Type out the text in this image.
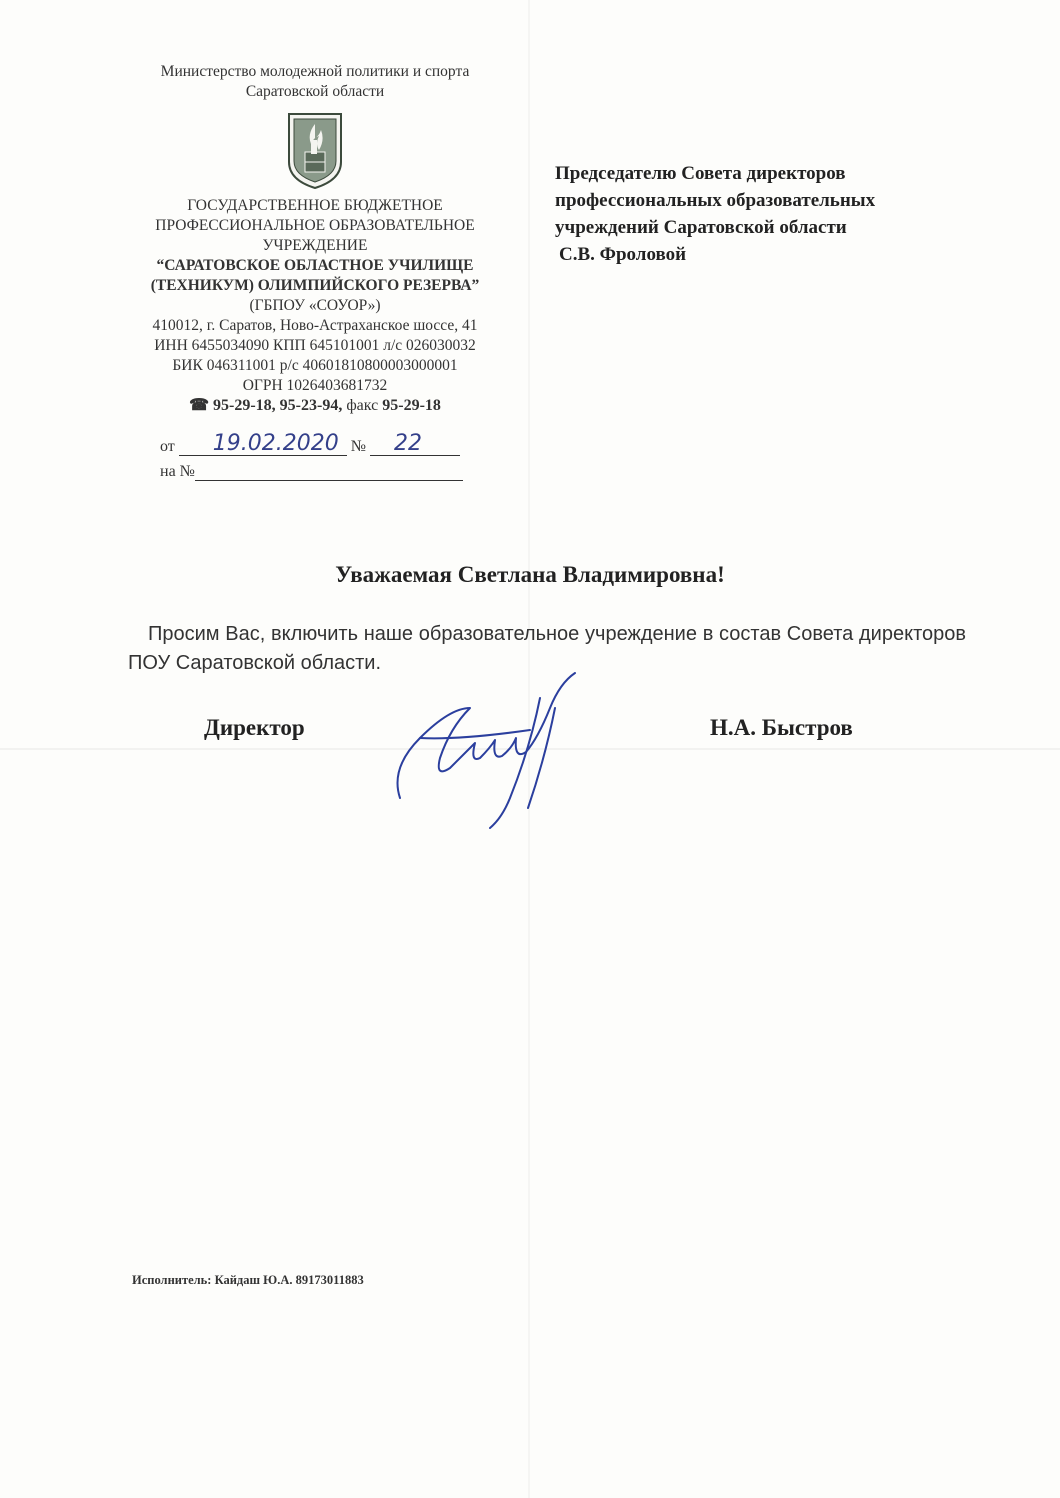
Министерство молодежной политики и спорта
Саратовской области
ГОСУДАРСТВЕННОЕ БЮДЖЕТНОЕ
ПРОФЕССИОНАЛЬНОЕ ОБРАЗОВАТЕЛЬНОЕ
УЧРЕЖДЕНИЕ
“САРАТОВСКОЕ ОБЛАСТНОЕ УЧИЛИЩЕ
(ТЕХНИКУМ) ОЛИМПИЙСКОГО РЕЗЕРВА”
(ГБПОУ «СОУОР»)
410012, г. Саратов, Ново-Астраханское шоссе, 41
ИНН 6455034090 КПП 645101001 л/с 026030032
БИК 046311001 р/с 40601810800003000001
ОГРН 1026403681732
☎ 95-29-18, 95-23-94, факс 95-29-18
от 19.02.2020 № 22
на №
Председателю Совета директоров
профессиональных образовательных
учреждений Саратовской области
С.В. Фроловой
Уважаемая Светлана Владимировна!
Просим Вас, включить наше образовательное учреждение в состав Совета директоров ПОУ Саратовской области.
Директор	Н.А. Быстров
Исполнитель: Кайдаш Ю.А. 89173011883
